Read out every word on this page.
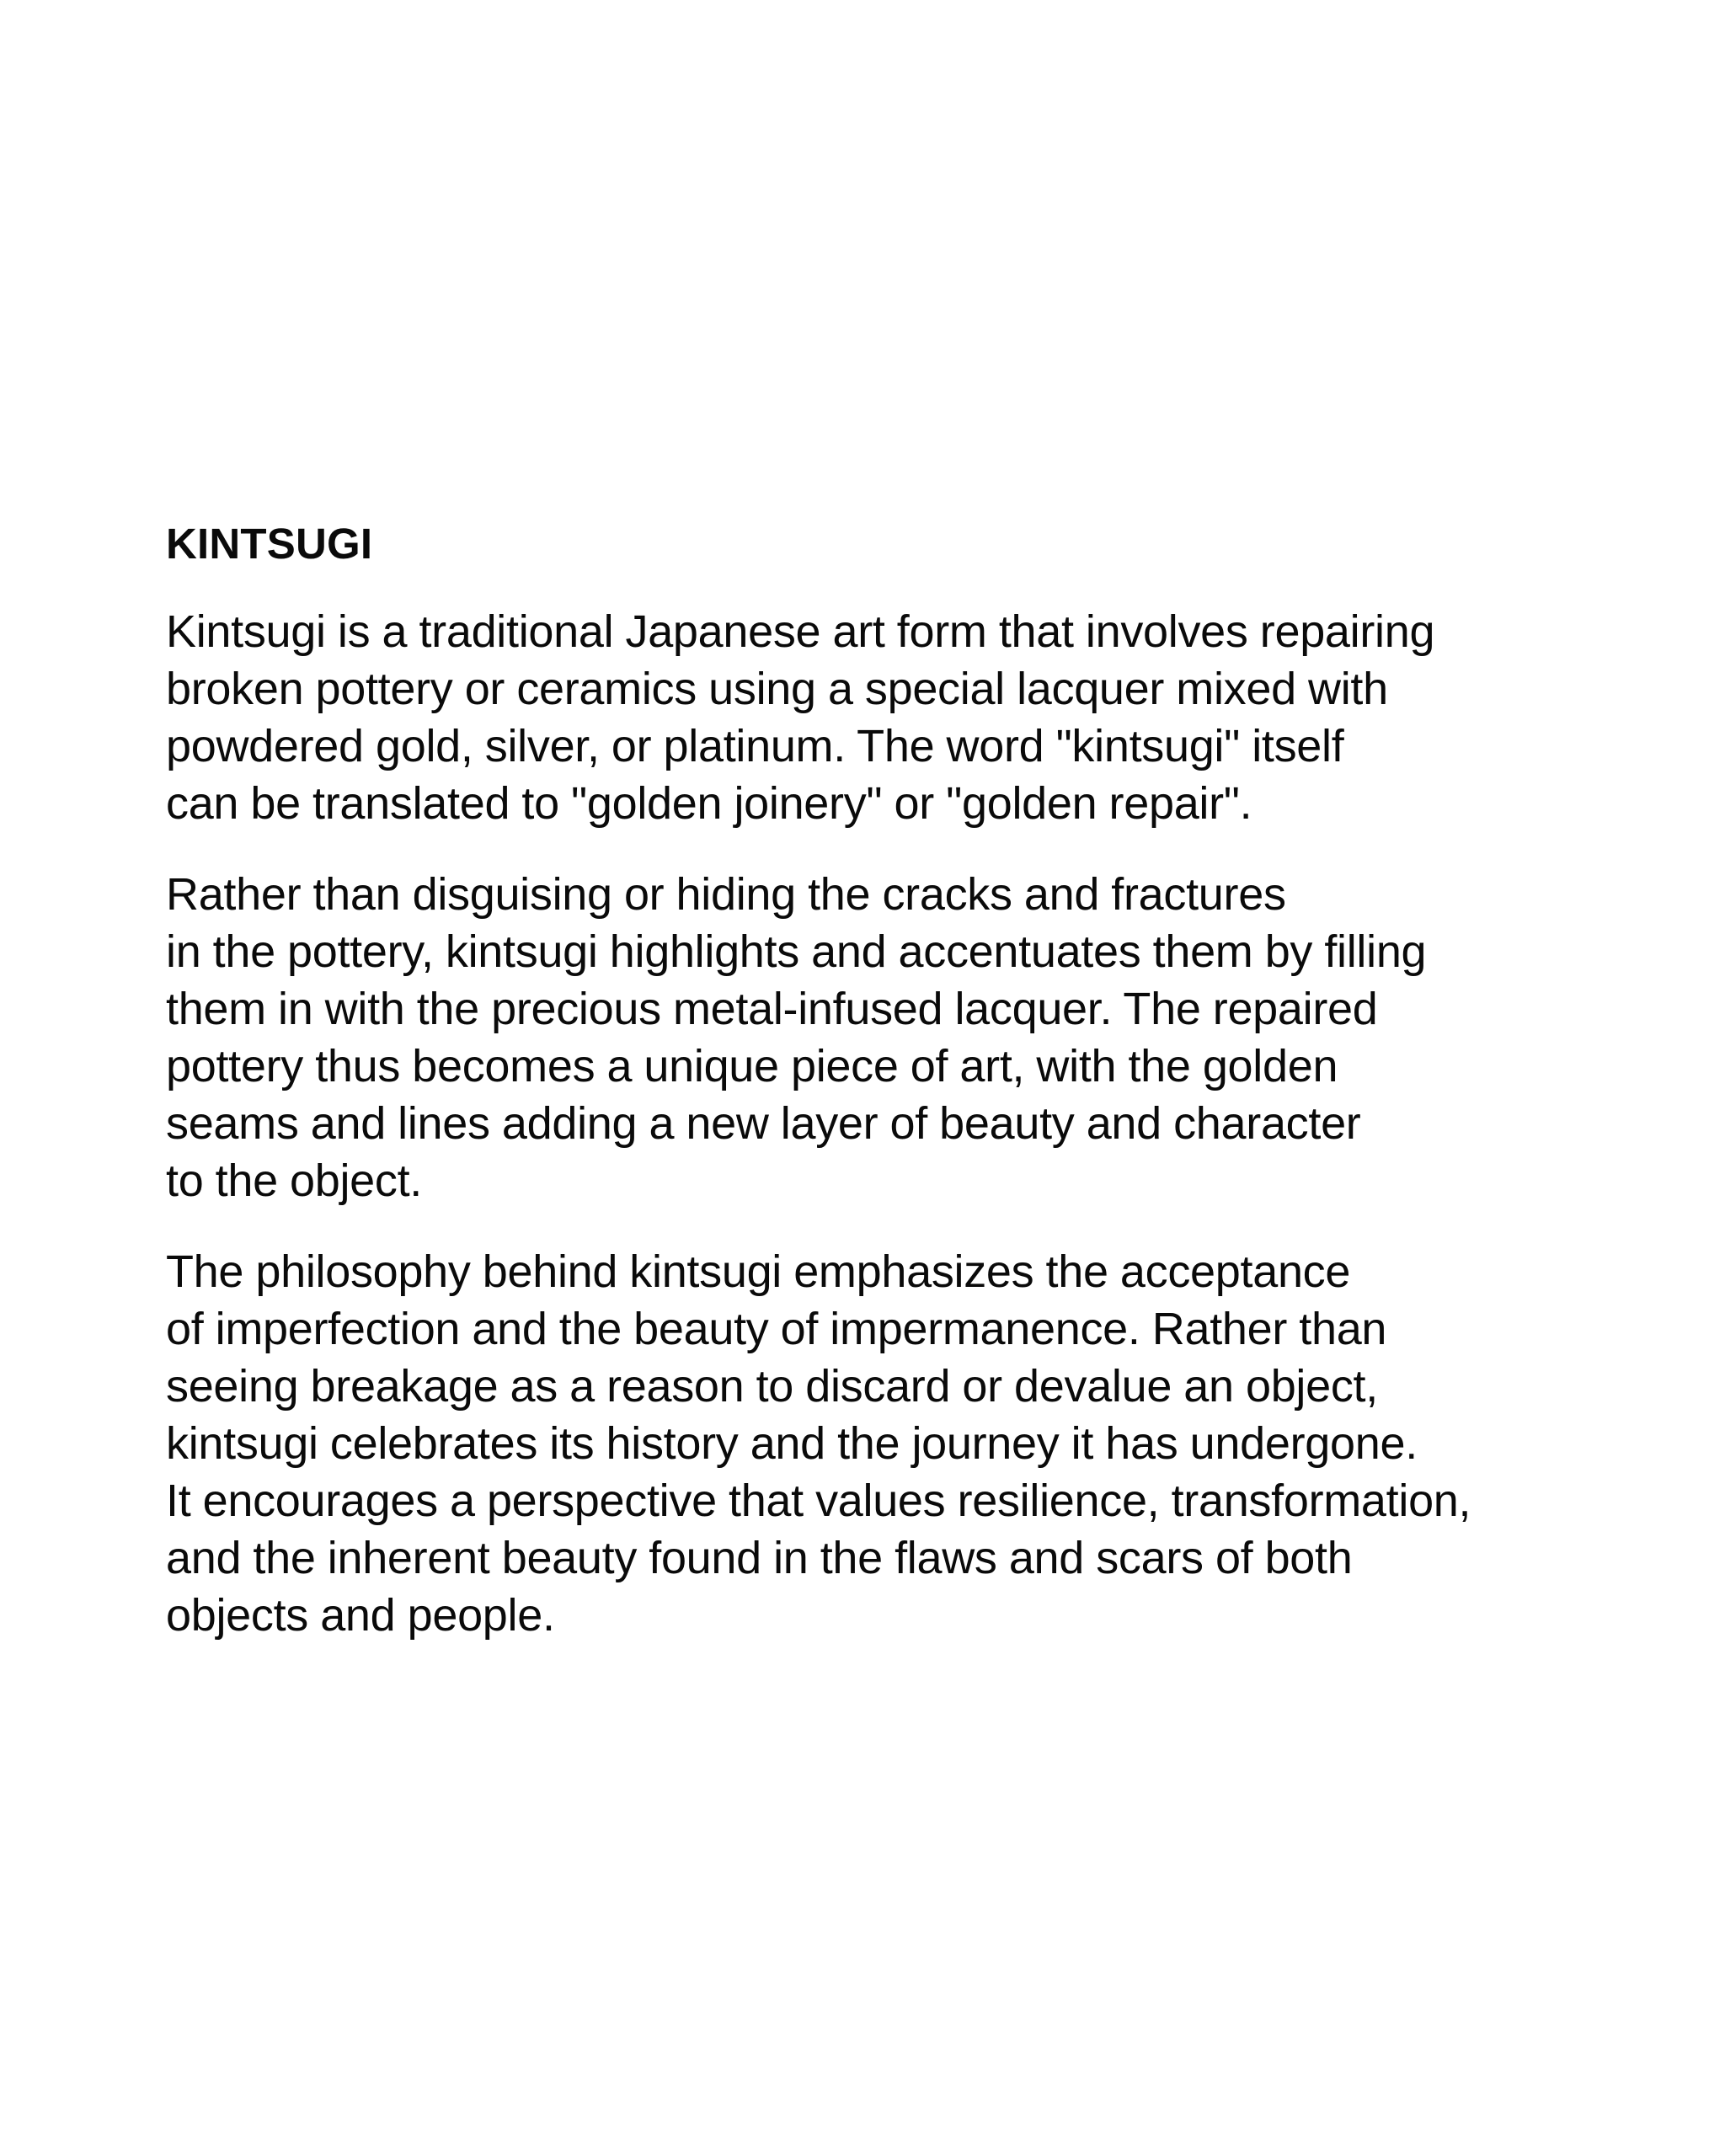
KINTSUGI
Kintsugi is a traditional Japanese art form that involves repairing
broken pottery or ceramics using a special lacquer mixed with
powdered gold, silver, or platinum. The word "kintsugi" itself
can be translated to "golden joinery" or "golden repair".
Rather than disguising or hiding the cracks and fractures
in the pottery, kintsugi highlights and accentuates them by filling
them in with the precious metal-infused lacquer. The repaired
pottery thus becomes a unique piece of art, with the golden
seams and lines adding a new layer of beauty and character
to the object.
The philosophy behind kintsugi emphasizes the acceptance
of imperfection and the beauty of impermanence. Rather than
seeing breakage as a reason to discard or devalue an object,
kintsugi celebrates its history and the journey it has undergone.
It encourages a perspective that values resilience, transformation,
and the inherent beauty found in the flaws and scars of both
objects and people.
